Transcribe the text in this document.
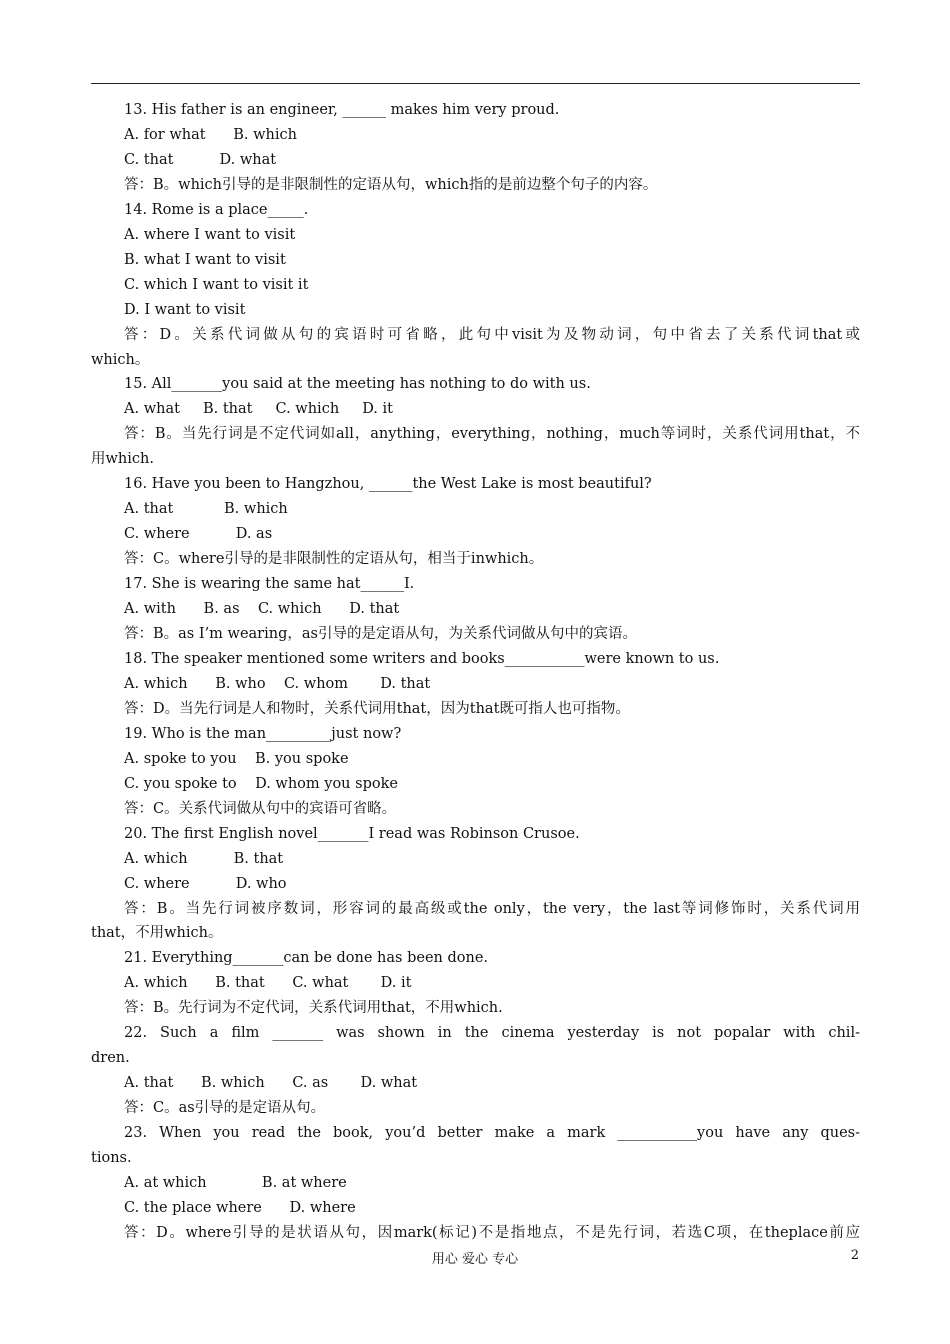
13. His father is an engineer, ______ makes him very proud.

A. for what      B. which

C. that          D. what

答：B。which引导的是非限制性的定语从句，which指的是前边整个句子的内容。

14. Rome is a place_____.

A. where I want to visit

B. what I want to visit

C. which I want to visit it

D. I want to visit

答：D。关系代词做从句的宾语时可省略，此句中visit为及物动词，句中省去了关系代词that或

which。

15. All_______you said at the meeting has nothing to do with us.

A. what     B. that     C. which     D. it

答：B。当先行词是不定代词如all，anything，everything，nothing，much等词时，关系代词用that，不

用which.

16. Have you been to Hangzhou, ______the West Lake is most beautiful?

A. that           B. which

C. where          D. as

答：C。where引导的是非限制性的定语从句，相当于inwhich。

17. She is wearing the same hat______I.

A. with      B. as    C. which      D. that

答：B。as I’m wearing，as引导的是定语从句，为关系代词做从句中的宾语。

18. The speaker mentioned some writers and books___________were known to us.

A. which      B. who    C. whom       D. that

答：D。当先行词是人和物时，关系代词用that，因为that既可指人也可指物。

19. Who is the man_________just now?

A. spoke to you    B. you spoke

C. you spoke to    D. whom you spoke

答：C。关系代词做从句中的宾语可省略。

20. The first English novel_______I read was Robinson Crusoe.

A. which          B. that

C. where          D. who

答：B。当先行词被序数词，形容词的最高级或the only，the very，the last等词修饰时，关系代词用

that，不用which。

21. Everything_______can be done has been done.

A. which      B. that      C. what       D. it

答：B。先行词为不定代词，关系代词用that，不用which.

22. Such a film _______ was shown in the cinema yesterday is not popalar with chil-

dren.

A. that      B. which      C. as       D. what

答：C。as引导的是定语从句。

23. When you read the book, you’d better make a mark ___________you have any ques-

tions.

A. at which            B. at where

C. the place where      D. where

答：D。where引导的是状语从句，因mark(标记)不是指地点，不是先行词，若选C项，在theplace前应

用心 爱心 专心	2
